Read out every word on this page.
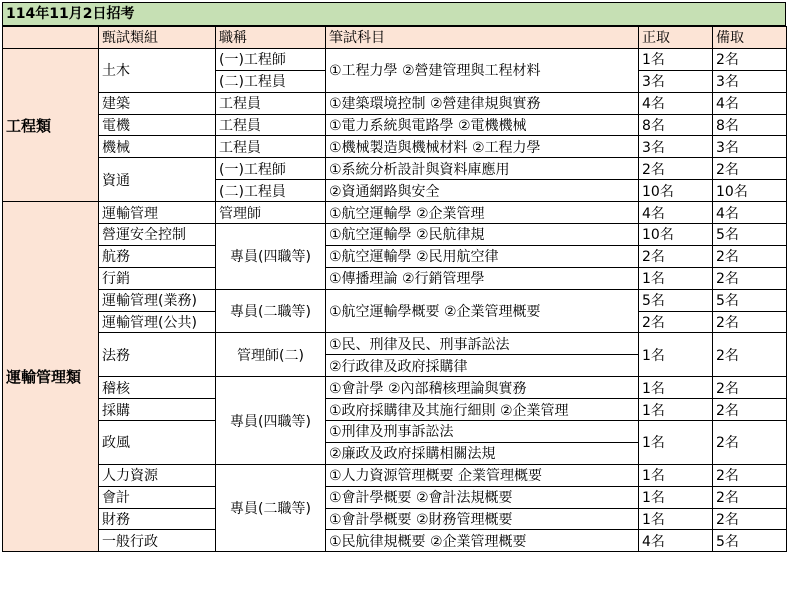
114年11月2日招考
	甄試類組	職稱	筆試科目	正取	備取
工程類	土木	(一)工程師	①工程力學 ②營建管理與工程材料	1名	2名
		(二)工程員		3名	3名
	建築	工程員	①建築環境控制 ②營建律規與實務	4名	4名
	電機	工程員	①電力系統與電路學 ②電機機械	8名	8名
	機械	工程員	①機械製造與機械材料 ②工程力學	3名	3名
	資通	(一)工程師	①系統分析設計與資料庫應用	2名	2名
		(二)工程員	②資通網路與安全	10名	10名
運輸管理類	運輸管理	管理師	①航空運輸學 ②企業管理	4名	4名
	營運安全控制	專員(四職等)	①航空運輸學 ②民航律規	10名	5名
	航務		①航空運輸學 ②民用航空律	2名	2名
	行銷		①傳播理論 ②行銷管理學	1名	2名
	運輸管理(業務)	專員(二職等)	①航空運輸學概要 ②企業管理概要	5名	5名
	運輸管理(公共)			2名	2名
	法務	管理師(二)	①民、刑律及民、刑事訴訟法	1名	2名
			②行政律及政府採購律		
	稽核	專員(四職等)	①會計學 ②內部稽核理論與實務	1名	2名
	採購		①政府採購律及其施行細則 ②企業管理	1名	2名
	政風		①刑律及刑事訴訟法	1名	2名
			②廉政及政府採購相關法規		
	人力資源	專員(二職等)	①人力資源管理概要 企業管理概要	1名	2名
	會計		①會計學概要 ②會計法規概要	1名	2名
	財務		①會計學概要 ②財務管理概要	1名	2名
	一般行政		①民航律規概要 ②企業管理概要	4名	5名
